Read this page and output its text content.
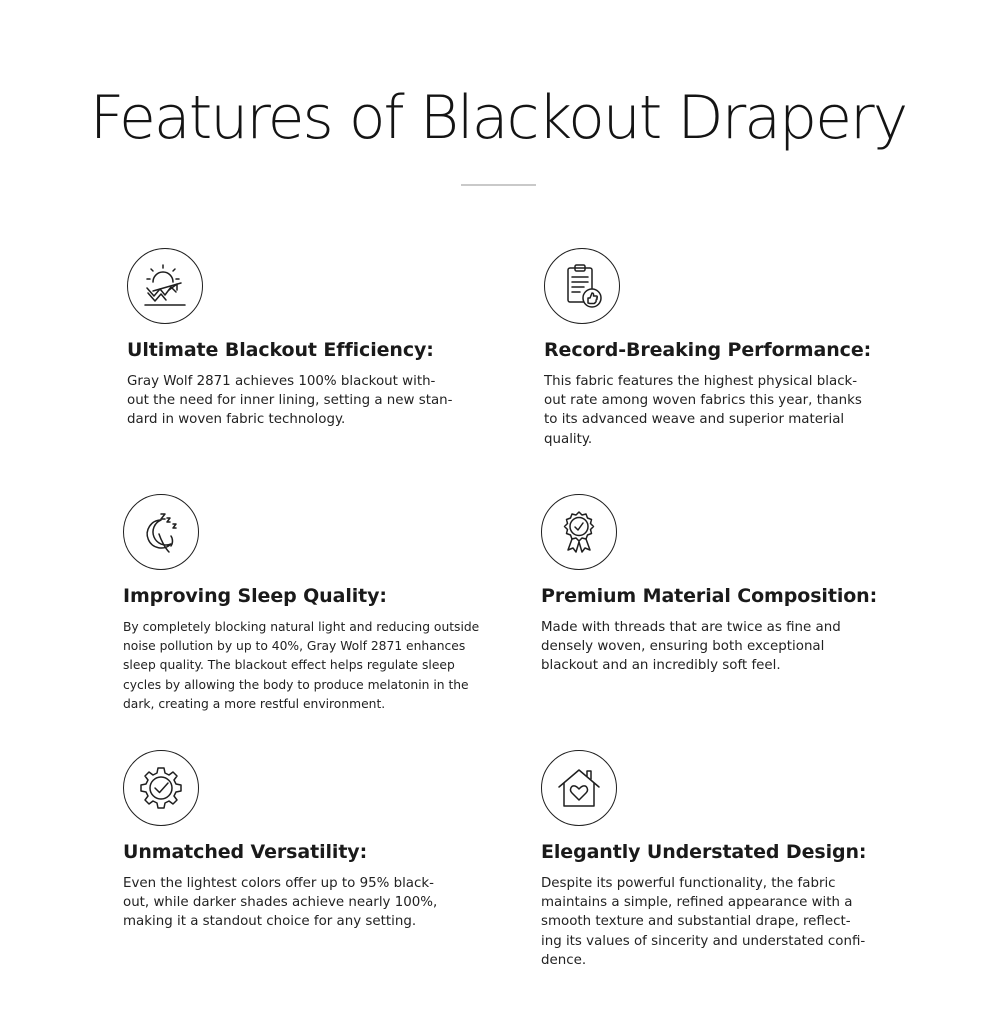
Features of Blackout Drapery
Ultimate Blackout Efficiency:
Gray Wolf 2871 achieves 100% blackout with-
out the need for inner lining, setting a new stan-
dard in woven fabric technology.
Record-Breaking Performance:
This fabric features the highest physical black-
out rate among woven fabrics this year, thanks
to its advanced weave and superior material
quality.
Improving Sleep Quality:
By completely blocking natural light and reducing outside
noise pollution by up to 40%, Gray Wolf 2871 enhances
sleep quality. The blackout effect helps regulate sleep
cycles by allowing the body to produce melatonin in the
dark, creating a more restful environment.
Premium Material Composition:
Made with threads that are twice as fine and
densely woven, ensuring both exceptional
blackout and an incredibly soft feel.
Unmatched Versatility:
Even the lightest colors offer up to 95% black-
out, while darker shades achieve nearly 100%,
making it a standout choice for any setting.
Elegantly Understated Design:
Despite its powerful functionality, the fabric
maintains a simple, refined appearance with a
smooth texture and substantial drape, reflect-
ing its values of sincerity and understated confi-
dence.
